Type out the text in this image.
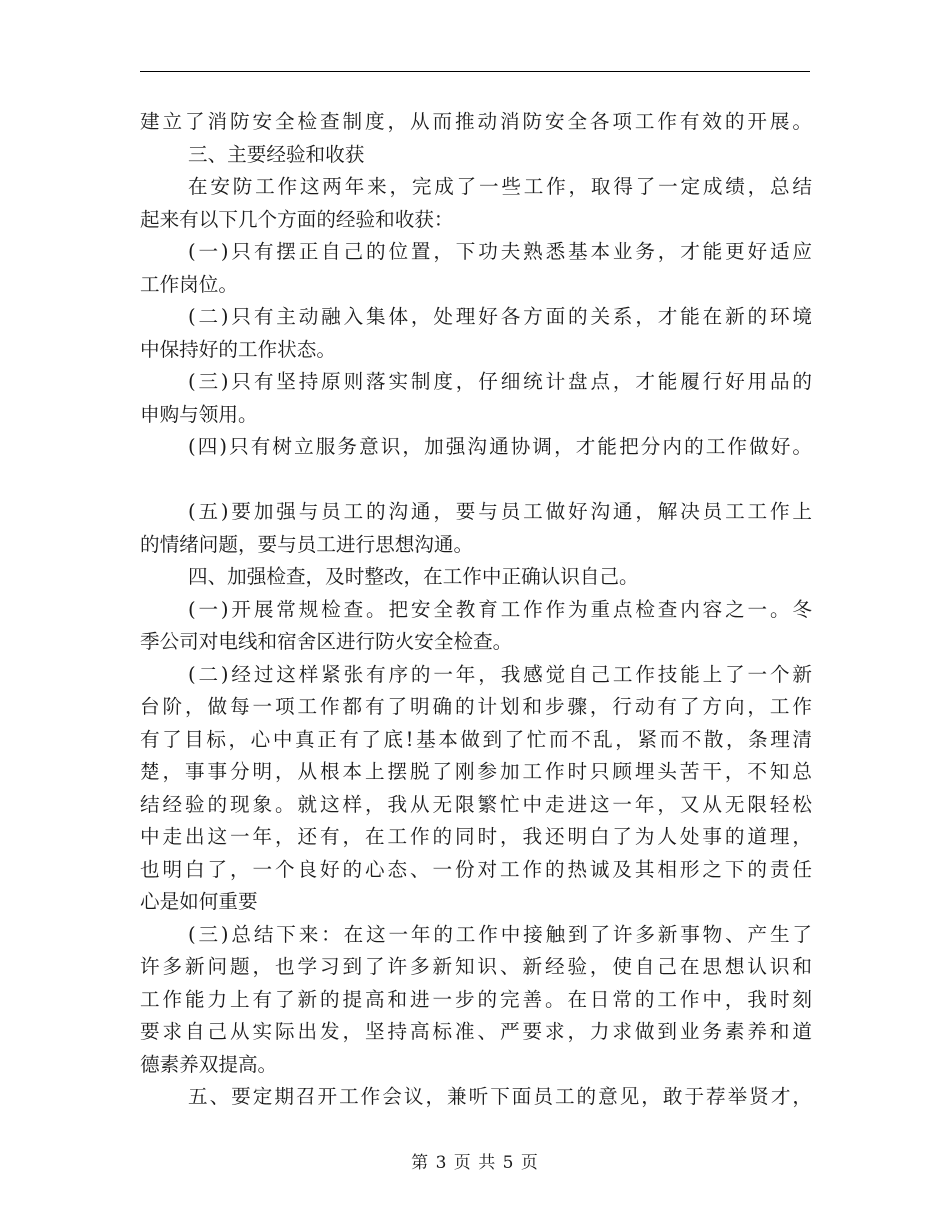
建立了消防安全检查制度，从而推动消防安全各项工作有效的开展。
三、主要经验和收获
在安防工作这两年来，完成了一些工作，取得了一定成绩，总结
起来有以下几个方面的经验和收获：
(一)只有摆正自己的位置，下功夫熟悉基本业务，才能更好适应
工作岗位。
(二)只有主动融入集体，处理好各方面的关系，才能在新的环境
中保持好的工作状态。
(三)只有坚持原则落实制度，仔细统计盘点，才能履行好用品的
申购与领用。
(四)只有树立服务意识，加强沟通协调，才能把分内的工作做好。
(五)要加强与员工的沟通，要与员工做好沟通，解决员工工作上
的情绪问题，要与员工进行思想沟通。
四、加强检查，及时整改，在工作中正确认识自己。
(一)开展常规检查。把安全教育工作作为重点检查内容之一。冬
季公司对电线和宿舍区进行防火安全检查。
(二)经过这样紧张有序的一年，我感觉自己工作技能上了一个新
台阶，做每一项工作都有了明确的计划和步骤，行动有了方向，工作
有了目标，心中真正有了底!基本做到了忙而不乱，紧而不散，条理清
楚，事事分明，从根本上摆脱了刚参加工作时只顾埋头苦干，不知总
结经验的现象。就这样，我从无限繁忙中走进这一年，又从无限轻松
中走出这一年，还有，在工作的同时，我还明白了为人处事的道理，
也明白了，一个良好的心态、一份对工作的热诚及其相形之下的责任
心是如何重要
(三)总结下来：在这一年的工作中接触到了许多新事物、产生了
许多新问题，也学习到了许多新知识、新经验，使自己在思想认识和
工作能力上有了新的提高和进一步的完善。在日常的工作中，我时刻
要求自己从实际出发，坚持高标准、严要求，力求做到业务素养和道
德素养双提高。
五、要定期召开工作会议，兼听下面员工的意见，敢于荐举贤才，
第 3 页 共 5 页
